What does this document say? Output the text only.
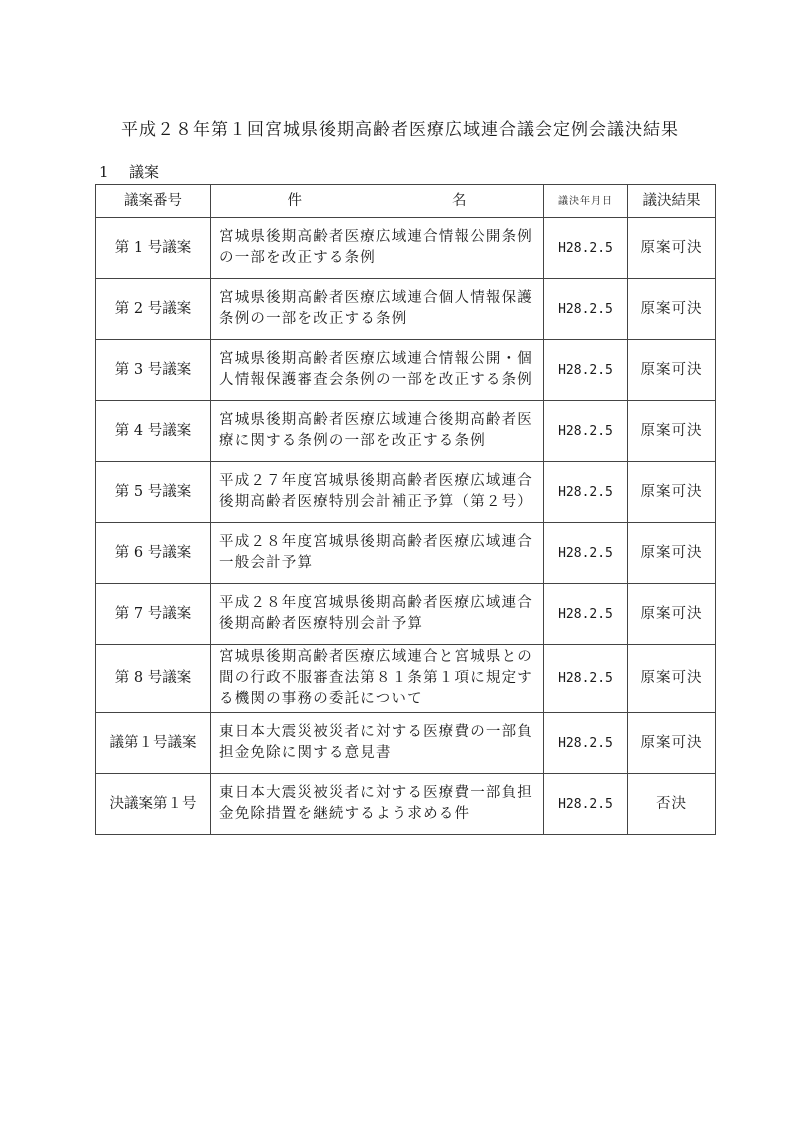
平成２８年第１回宮城県後期高齢者医療広域連合議会定例会議決結果
1 議案
議案番号	件 名	議決年月日	議決結果
第 1 号議案	宮城県後期高齢者医療広域連合情報公開条例
の一部を改正する条例	H28.2.5	原案可決
第 2 号議案	宮城県後期高齢者医療広域連合個人情報保護
条例の一部を改正する条例	H28.2.5	原案可決
第 3 号議案	宮城県後期高齢者医療広域連合情報公開・個
人情報保護審査会条例の一部を改正する条例	H28.2.5	原案可決
第 4 号議案	宮城県後期高齢者医療広域連合後期高齢者医
療に関する条例の一部を改正する条例	H28.2.5	原案可決
第 5 号議案	平成２７年度宮城県後期高齢者医療広域連合
後期高齢者医療特別会計補正予算（第２号）	H28.2.5	原案可決
第 6 号議案	平成２８年度宮城県後期高齢者医療広域連合
一般会計予算	H28.2.5	原案可決
第 7 号議案	平成２８年度宮城県後期高齢者医療広域連合
後期高齢者医療特別会計予算	H28.2.5	原案可決
第 8 号議案	宮城県後期高齢者医療広域連合と宮城県との
間の行政不服審査法第８１条第１項に規定す
る機関の事務の委託について	H28.2.5	原案可決
議第１号議案	東日本大震災被災者に対する医療費の一部負
担金免除に関する意見書	H28.2.5	原案可決
決議案第１号	東日本大震災被災者に対する医療費一部負担
金免除措置を継続するよう求める件	H28.2.5	否決
